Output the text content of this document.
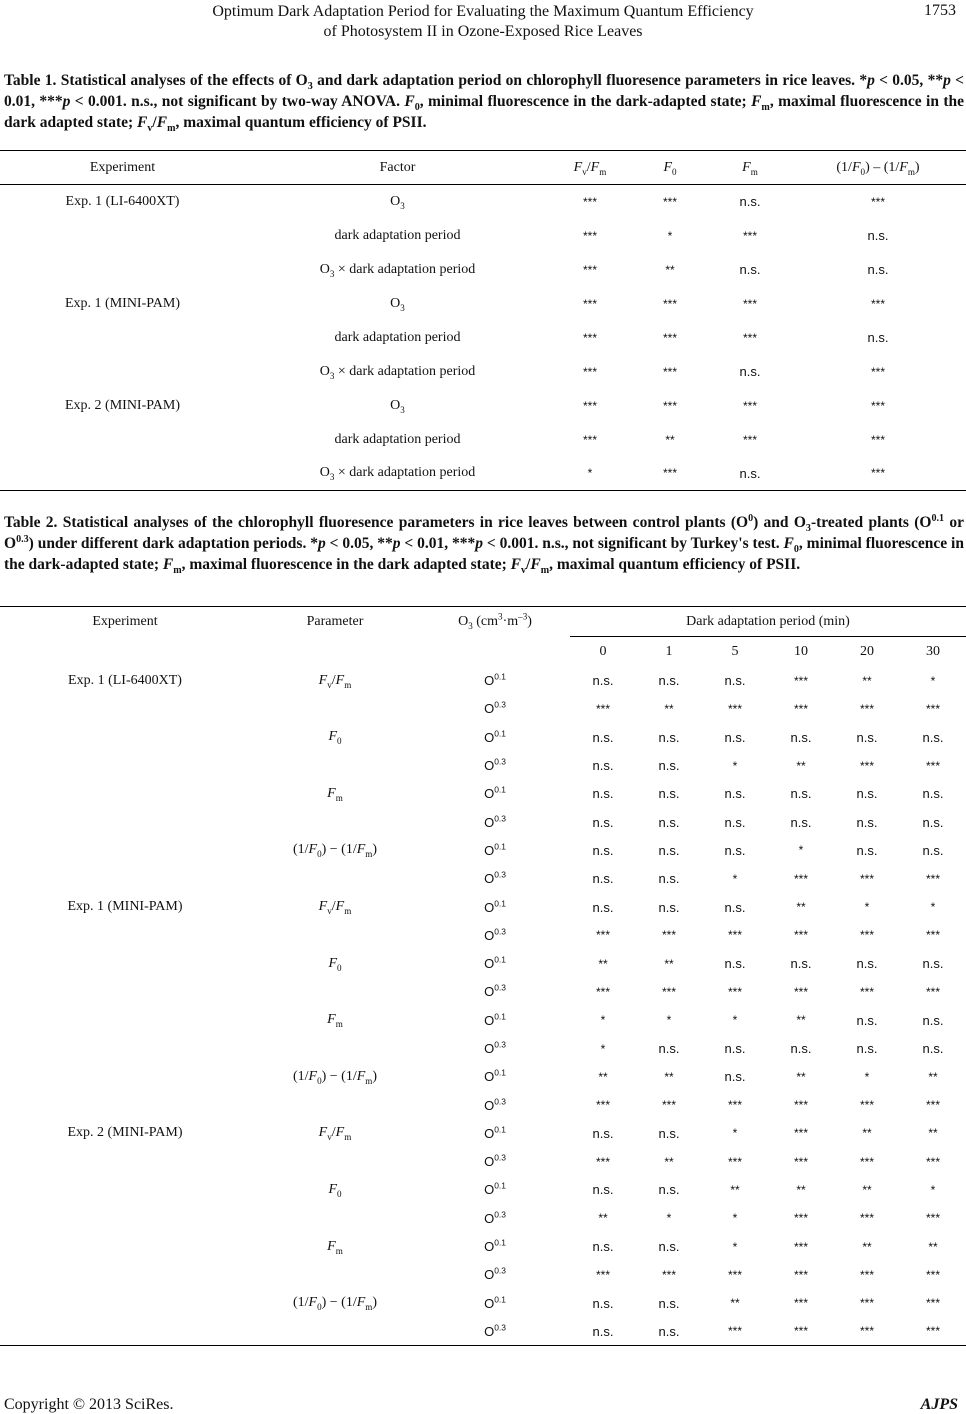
Optimum Dark Adaptation Period for Evaluating the Maximum Quantum Efficiency
of Photosystem II in Ozone-Exposed Rice Leaves
1753
Table 1. Statistical analyses of the effects of $O_3$ and dark adaptation period on chlorophyll fluoresence parameters in rice leaves. *p < 0.05, **p < 0.01, ***p < 0.001. n.s., not significant by two-way ANOVA. $F_0$, minimal fluorescence in the dark-adapted state; $F_m$, maximal fluorescence in the dark adapted state; $F_v/F_m$, maximal quantum efficiency of PSII.
Experiment	Factor	$F_v/F_m$	$F_0$	$F_m$	$(1/F_0) - (1/F_m)$
Exp. 1 (LI-6400XT)	$O_3$	***	***	n.s.	***
	dark adaptation period	***	*	***	n.s.
	$O_3$ × dark adaptation period	***	**	n.s.	n.s.
Exp. 1 (MINI-PAM)	$O_3$	***	***	***	***
	dark adaptation period	***	***	***	n.s.
	$O_3$ × dark adaptation period	***	***	n.s.	***
Exp. 2 (MINI-PAM)	$O_3$	***	***	***	***
	dark adaptation period	***	**	***	***
	$O_3$ × dark adaptation period	*	***	n.s.	***
Table 2. Statistical analyses of the chlorophyll fluoresence parameters in rice leaves between control plants $(O^0)$ and $O_3$-treated plants ($O^{0.1}$ or $O^{0.3}$) under different dark adaptation periods. *p < 0.05, **p < 0.01, ***p < 0.001. n.s., not significant by Turkey's test. $F_0$, minimal fluorescence in the dark-adapted state; $F_m$, maximal fluorescence in the dark adapted state; $F_v/F_m$, maximal quantum efficiency of PSII.
Experiment	Parameter	$O_3$ $(cm^3\cdot m^{-3})$	Dark adaptation period (min)					
			0	1	5	10	20	30
Exp. 1 (LI-6400XT)	$F_v/F_m$	$O^{0.1}$	n.s.	n.s.	n.s.	***	**	*
		$O^{0.3}$	***	**	***	***	***	***
	$F_0$	$O^{0.1}$	n.s.	n.s.	n.s.	n.s.	n.s.	n.s.
		$O^{0.3}$	n.s.	n.s.	*	**	***	***
	$F_m$	$O^{0.1}$	n.s.	n.s.	n.s.	n.s.	n.s.	n.s.
		$O^{0.3}$	n.s.	n.s.	n.s.	n.s.	n.s.	n.s.
	$(1/F_0) - (1/F_m)$	$O^{0.1}$	n.s.	n.s.	n.s.	*	n.s.	n.s.
		$O^{0.3}$	n.s.	n.s.	*	***	***	***
Exp. 1 (MINI-PAM)	$F_v/F_m$	$O^{0.1}$	n.s.	n.s.	n.s.	**	*	*
		$O^{0.3}$	***	***	***	***	***	***
	$F_0$	$O^{0.1}$	**	**	n.s.	n.s.	n.s.	n.s.
		$O^{0.3}$	***	***	***	***	***	***
	$F_m$	$O^{0.1}$	*	*	*	**	n.s.	n.s.
		$O^{0.3}$	*	n.s.	n.s.	n.s.	n.s.	n.s.
	$(1/F_0) - (1/F_m)$	$O^{0.1}$	**	**	n.s.	**	*	**
		$O^{0.3}$	***	***	***	***	***	***
Exp. 2 (MINI-PAM)	$F_v/F_m$	$O^{0.1}$	n.s.	n.s.	*	***	**	**
		$O^{0.3}$	***	**	***	***	***	***
	$F_0$	$O^{0.1}$	n.s.	n.s.	**	**	**	*
		$O^{0.3}$	**	*	*	***	***	***
	$F_m$	$O^{0.1}$	n.s.	n.s.	*	***	**	**
		$O^{0.3}$	***	***	***	***	***	***
	$(1/F_0) - (1/F_m)$	$O^{0.1}$	n.s.	n.s.	**	***	***	***
		$O^{0.3}$	n.s.	n.s.	***	***	***	***
Copyright © 2013 SciRes.	AJPS
